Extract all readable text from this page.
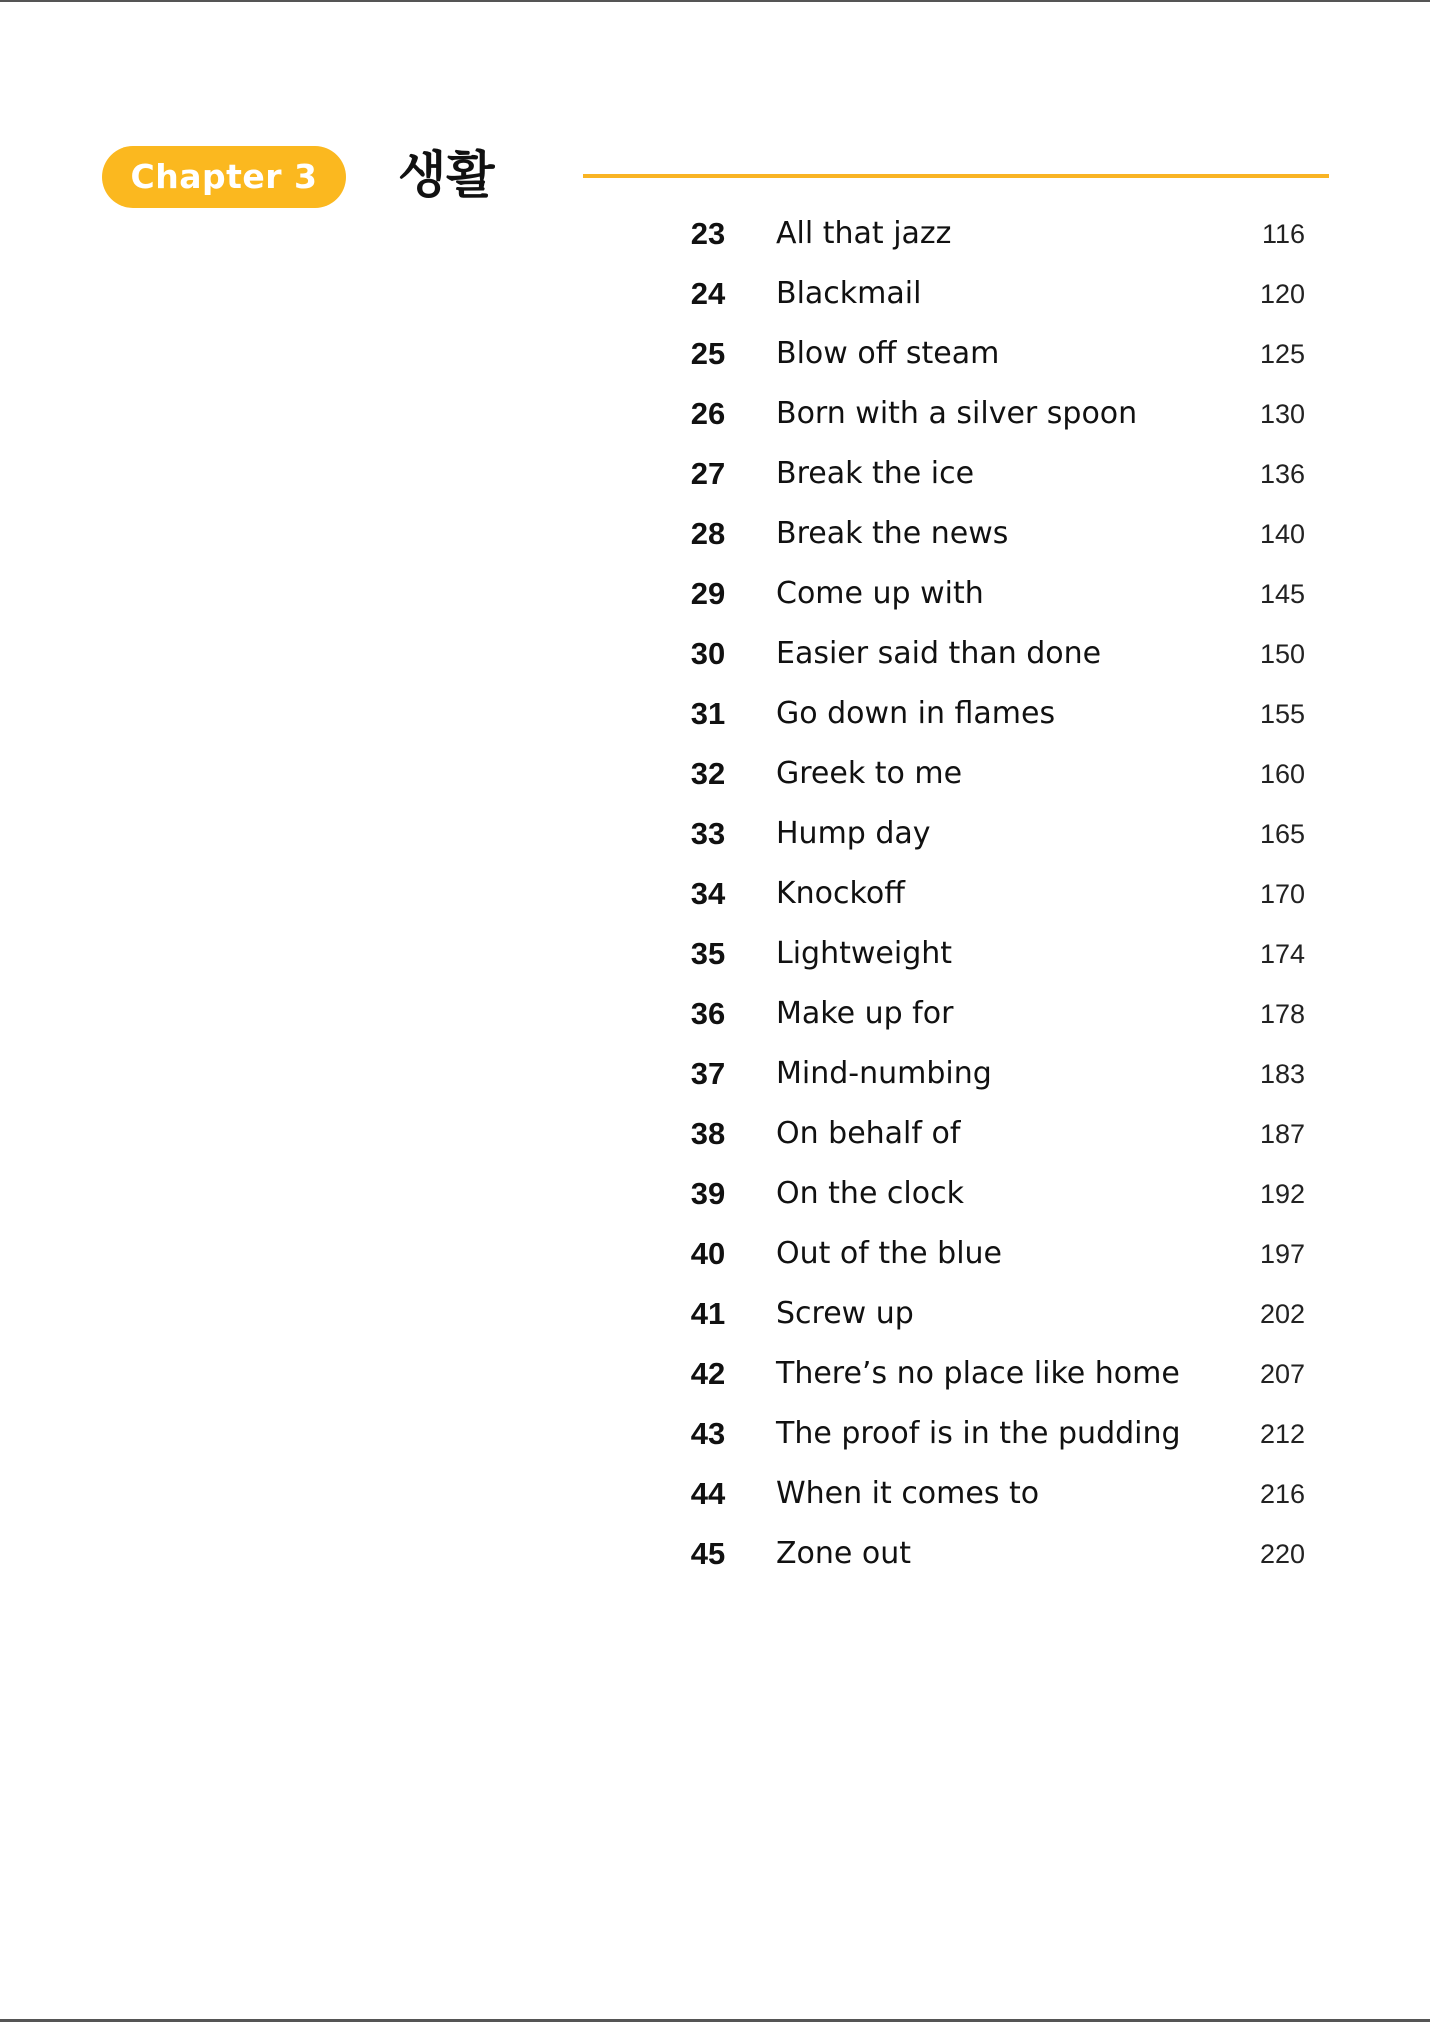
Chapter 3	생활
23	All that jazz	116
24	Blackmail	120
25	Blow off steam	125
26	Born with a silver spoon	130
27	Break the ice	136
28	Break the news	140
29	Come up with	145
30	Easier said than done	150
31	Go down in flames	155
32	Greek to me	160
33	Hump day	165
34	Knockoff	170
35	Lightweight	174
36	Make up for	178
37	Mind-numbing	183
38	On behalf of	187
39	On the clock	192
40	Out of the blue	197
41	Screw up	202
42	There’s no place like home	207
43	The proof is in the pudding	212
44	When it comes to	216
45	Zone out	220
